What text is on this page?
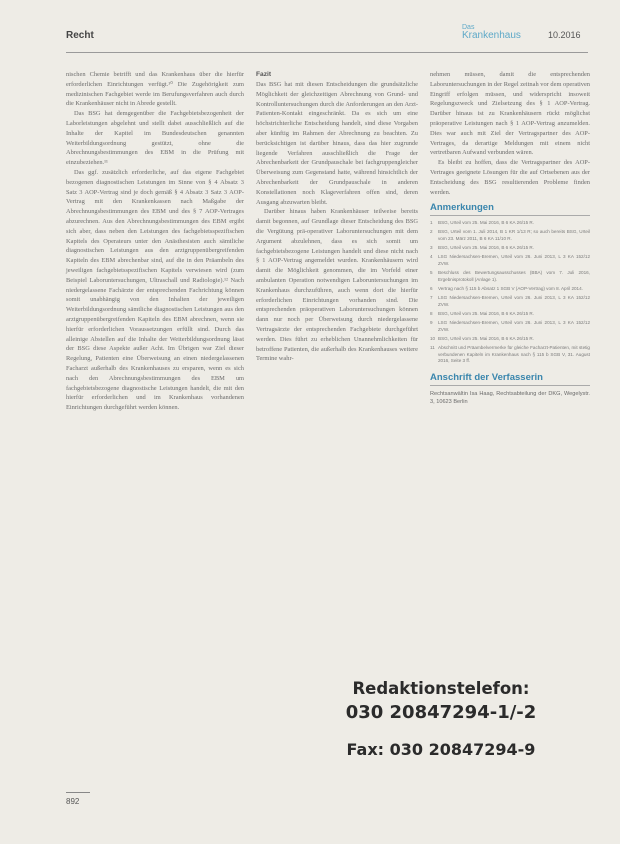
Recht
Das
Krankenhaus	10.2016

nischen Chemie betrifft und das Krankenhaus über die hierfür erforderlichen Einrichtungen verfügt.¹⁰ Die Zugehörigkeit zum medizinischen Fachgebiet werde im Berufungsverfahren auch durch die Krankenhäuser nicht in Abrede gestellt.

Das BSG hat demgegenüber die Fachgebietsbezogenheit der Laborleistungen abgelehnt und stellt dabei ausschließlich auf die Inhalte der Kapitel im Bundesdeutschen genannten Weiterbildungsordnung gestützt, ohne die Abrechnungsbestimmungen des EBM in die Prüfung mit einzubeziehen.¹¹

Das ggf. zusätzlich erforderliche, auf das eigene Fachgebiet bezogenen diagnostischen Leistungen im Sinne von § 4 Absatz 3 Satz 3 AOP-Vertrag sind je doch gemäß § 4 Absatz 3 Satz 3 AOP-Vertrag mit den Krankenkassen nach Maßgabe der Abrechnungsbestimmungen des EBM und des § 7 AOP-Vertrages abzurechnen. Aus den Abrechnungsbestimmungen des EBM ergibt sich aber, dass neben den Leistungen des fachgebietsspezifischen Kapitels des Operateurs unter den Anästhesisten auch sämtliche diagnostischen Leistungen aus den arztgruppenübergreifenden Kapiteln des EBM abrechenbar sind, auf die in den Präambeln des jeweiligen fachgebietsspezifischen Kapitels verwiesen wird (zum Beispiel Laboruntersuchungen, Ultraschall und Radiologie).¹² Nach niedergelassene Fachärzte der entsprechenden Fachrichtung können somit unabhängig von den Inhalten der jeweiligen Weiterbildungsordnung sämtliche diagnostischen Leistungen aus den arztgruppenübergreifenden Kapiteln des EBM abrechnen, wenn sie hierfür erforderlichen Voraussetzungen erfüllt sind. Durch das alleinige Abstellen auf die Inhalte der Weiterbildungsordnung lässt der BSG diese Aspekte außer Acht. Im Übrigen war Ziel dieser Regelung, Patienten eine Überweisung an einen niedergelassenen Facharzt außerhalb des Krankenhauses zu ersparen, wenn es sich nach den Abrechnungsbestimmungen des EBM um fachgebietsbezogene diagnostische Leistungen handelt, die mit den hierfür erforderlichen und im Krankenhaus vorhandenen Einrichtungen durchgeführt werden können.

Fazit

Das BSG hat mit diesen Entscheidungen die grundsätzliche Möglichkeit der gleichzeitigen Abrechnung von Grund- und Kontrolluntersuchungen durch die Anforderungen an den Arzt-Patienten-Kontakt eingeschränkt. Da es sich um eine höchstrichterliche Entscheidung handelt, sind diese Vorgaben aber künftig im Rahmen der Abrechnung zu beachten. Zu berücksichtigen ist darüber hinaus, dass das hier zugrunde liegende Verfahren ausschließlich die Frage der Abrechenbarkeit der Grundpauschale bei fachgruppengleicher Überweisung zum Gegenstand hatte, während hinsichtlich der Abrechenbarkeit der Grundpauschale in anderen Konstellationen noch Klageverfahren offen sind, deren Ausgang abzuwarten bleibt.

Darüber hinaus haben Krankenhäuser teilweise bereits damit begonnen, auf Grundlage dieser Entscheidung des BSG die Vergütung prä-operativer Laboruntersuchungen mit dem Argument abzulehnen, dass es sich somit um fachgebietsbezogene Leistungen handelt und diese nicht nach § 1 AOP-Vertrag angemeldet wurden. Krankenhäusern wird damit die Möglichkeit genommen, die im Vorfeld einer ambulanten Operation notwendigen Laboruntersuchungen im Krankenhaus durchzuführen, auch wenn dort die hierfür erforderlichen Einrichtungen vorhanden sind. Die entsprechenden präoperativen Laboruntersuchungen können dann nur noch per Überweisung durch niedergelassene Vertragsärzte der entsprechenden Fachgebiete durchgeführt werden. Dies führt zu erheblichen Unannehmlichkeiten für betroffene Patienten, die außerhalb des Krankenhauses weitere Termine wahr-

nehmen müssen, damit die entsprechenden Laboruntersuchungen in der Regel zeitnah vor dem operativen Eingriff erfolgen müssen, und widerspricht insoweit Regelungszweck und Zielsetzung des § 1 AOP-Vertrag. Darüber hinaus ist zu Krankenhäusern rückt möglichst präoperative Leistungen nach § 1 AOP-Vertrag anzumelden. Dies war auch mit Ziel der Vertragspartner des AOP-Vertrages, da derartige Meldungen mit einem nicht vertretbaren Aufwand verbunden wären.

Es bleibt zu hoffen, dass die Vertragspartner des AOP-Vertrages geeignete Lösungen für die auf Ortsebenen aus der Entscheidung des BSG resultierenden Probleme finden werden.

Anmerkungen
1	BSG, Urteil vom 25. Mai 2016, B 6 KA 26/15 R.
2	BSG, Urteil vom 1. Juli 2014, B 1 KR 1/13 R; so auch bereits BSG, Urteil vom 23. März 2011, B 6 KA 11/10 R.
3	BSG, Urteil vom 25. Mai 2016, B 6 KA 26/15 R.
4	LSG Niedersachsen-Bremen, Urteil vom 26. Juni 2013, L 3 KA 152/12 ZVW.
5	Beschluss des Bewertungsausschusses (BBA) vom 7. Juli 2016, Ergebnisprotokoll (Anlage 1).
6	Vertrag nach § 115 b Absatz 1 SGB V (AOP-Vertrag) vom 8. April 2014.
7	LSG Niedersachsen-Bremen, Urteil vom 26. Juni 2013, L 3 KA 152/12 ZVW.
8	BSG, Urteil vom 25. Mai 2016, B 6 KA 26/15 R.
9	LSG Niedersachsen-Bremen, Urteil vom 26. Juni 2013, L 3 KA 152/12 ZVW.
10 BSG, Urteil vom 25. Mai 2016, B 6 KA 26/15 R.
11 Abschnitt und Präambelvermerke für gleiche Facharzt-Patienten, mit stetig verbundenen Kapiteln im Krankenhaus nach § 115 b SGB V, 31. August 2016, Seite 3 ff.
Anschrift der Verfasserin
Rechtsanwältin Isa Haag, Rechtsabteilung der DKG, Wegelystr. 3, 10623 Berlin
Redaktionstelefon:
030 20847294-1/-2
Fax: 030 20847294-9
892
